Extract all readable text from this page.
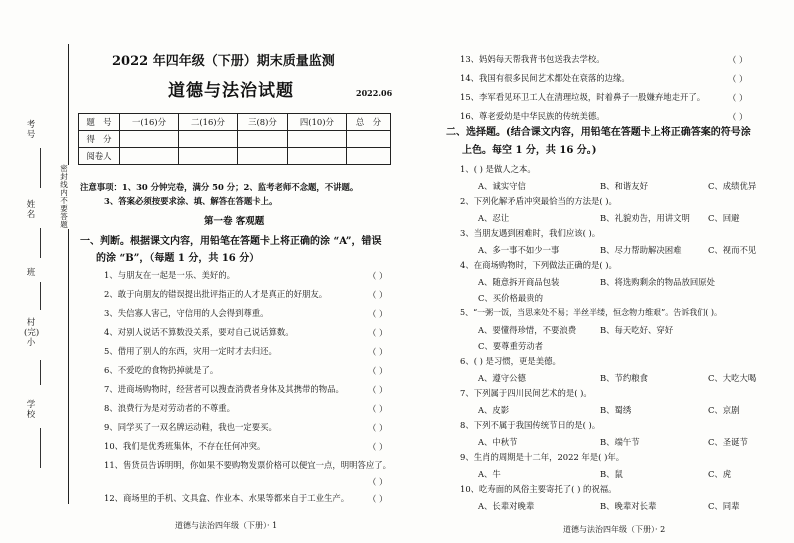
考号
姓名
班
村(完)小
学校
密封线内不要答题
2022 年四年级（下册）期末质量监测
道德与法治试题	2022.06
题　号	一(16)分	二(16)分	三(8)分	四(10)分	总　分
得　分					
阅卷人					
注意事项：1、30 分钟完卷，满分 50 分；2、监考老师不念题，不讲题。
3、答案必须按要求涂、填、解答在答题卡上。
第一卷 客观题
一、判断。根据课文内容，用铅笔在答题卡上将正确的涂 “A”，错误
的涂 “B”，（每题 1 分，共 16 分）
1、与朋友在一起是一乐、美好的。	（ ）
2、敢于向朋友的错误提出批评指正的人才是真正的好朋友。	（ ）
3、失信寡人害己，守信用的人会得到尊重。	（ ）
4、对别人说话不算数没关系，要对自己说话算数。	（ ）
5、借用了别人的东西，灾用一定时才去归还。	（ ）
6、不爱吃的食物扔掉就是了。	（ ）
7、进商场购物时，经营者可以搜查消费者身体及其携带的物品。	（ ）
8、浪费行为是对劳动者的不尊重。	（ ）
9、同学买了一双名牌运动鞋，我也一定要买。	（ ）
10、我们是优秀班集体，不存在任何冲突。	（ ）
11、售货员告诉明明，你如果不要购物发票价格可以便宜一点，明明答应了。
（ ）
12、商场里的手机、文具盒、作业本、水果等都来自于工业生产。 （ ）
道德与法治四年级（下册）· 1
13、妈妈每天帮我背书包送我去学校。	（ ）
14、我国有很多民间艺术都处在衰落的边缘。	（ ）
15、李军看见环卫工人在清理垃圾，时着鼻子一股嫌弃地走开了。	（ ）
16、尊老爱幼是中华民族的传统美德。	（ ）
二、选择题。(结合课文内容，用铅笔在答题卡上将正确答案的符号涂
上色。每空 1 分，共 16 分。)
1、( ) 是做人之本。
A、诚实守信	B、和谐友好	C、成绩优异
2、下列化解矛盾冲突最恰当的方法是( )。
A、忍让	B、礼貌劝告，用讲文明 C、回避
3、当朋友遇到困难时，我们应该( )。
A、多一事不如少一事	B、尽力帮助解决困难	C、视而不见
4、在商场购物时，下列做法正确的是( )。
A、随意拆开商品包装	B、将选购剩余的物品放回原处
C、买价格最贵的
5、“一粥一饭，当思来处不易；半丝半缕，恒念物力维艰”。告诉我们( )。
A、要懂得珍惜，不要浪费	B、每天吃好、穿好
C、要尊重劳动者
6、( ) 是习惯，更是美德。
A、遵守公德	B、节约粮食	C、大吃大喝
7、下列属于四川民间艺术的是( )。
A、皮影	B、蜀绣	C、京剧
8、下列不属于我国传统节日的是( )。
A、中秋节	B、端午节	C、圣诞节
9、生肖的周期是十二年，2022 年是( )年。
A、牛	B、鼠	C、虎
10、吃寿面的风俗主要寄托了( ) 的祝福。
A、长辈对晚辈	B、晚辈对长辈	C、同辈
道德与法治四年级（下册）· 2
